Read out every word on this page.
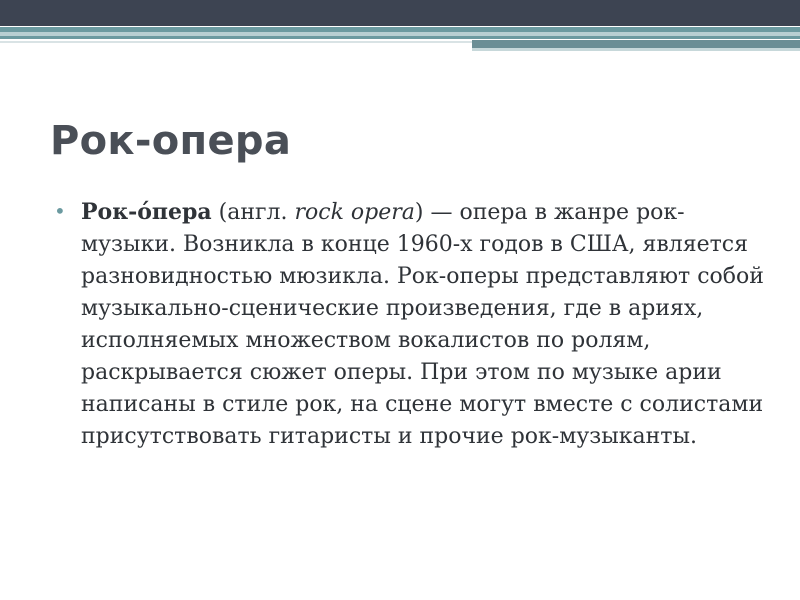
Рок-опера
• Рок-о́пера (англ. rock opera) — опера в жанре рок-музыки. Возникла в конце 1960-х годов в США, является разновидностью мюзикла. Рок-оперы представляют собой музыкально-сценические произведения, где в ариях, исполняемых множеством вокалистов по ролям, раскрывается сюжет оперы. При этом по музыке арии написаны в стиле рок, на сцене могут вместе с солистами присутствовать гитаристы и прочие рок-музыканты.
